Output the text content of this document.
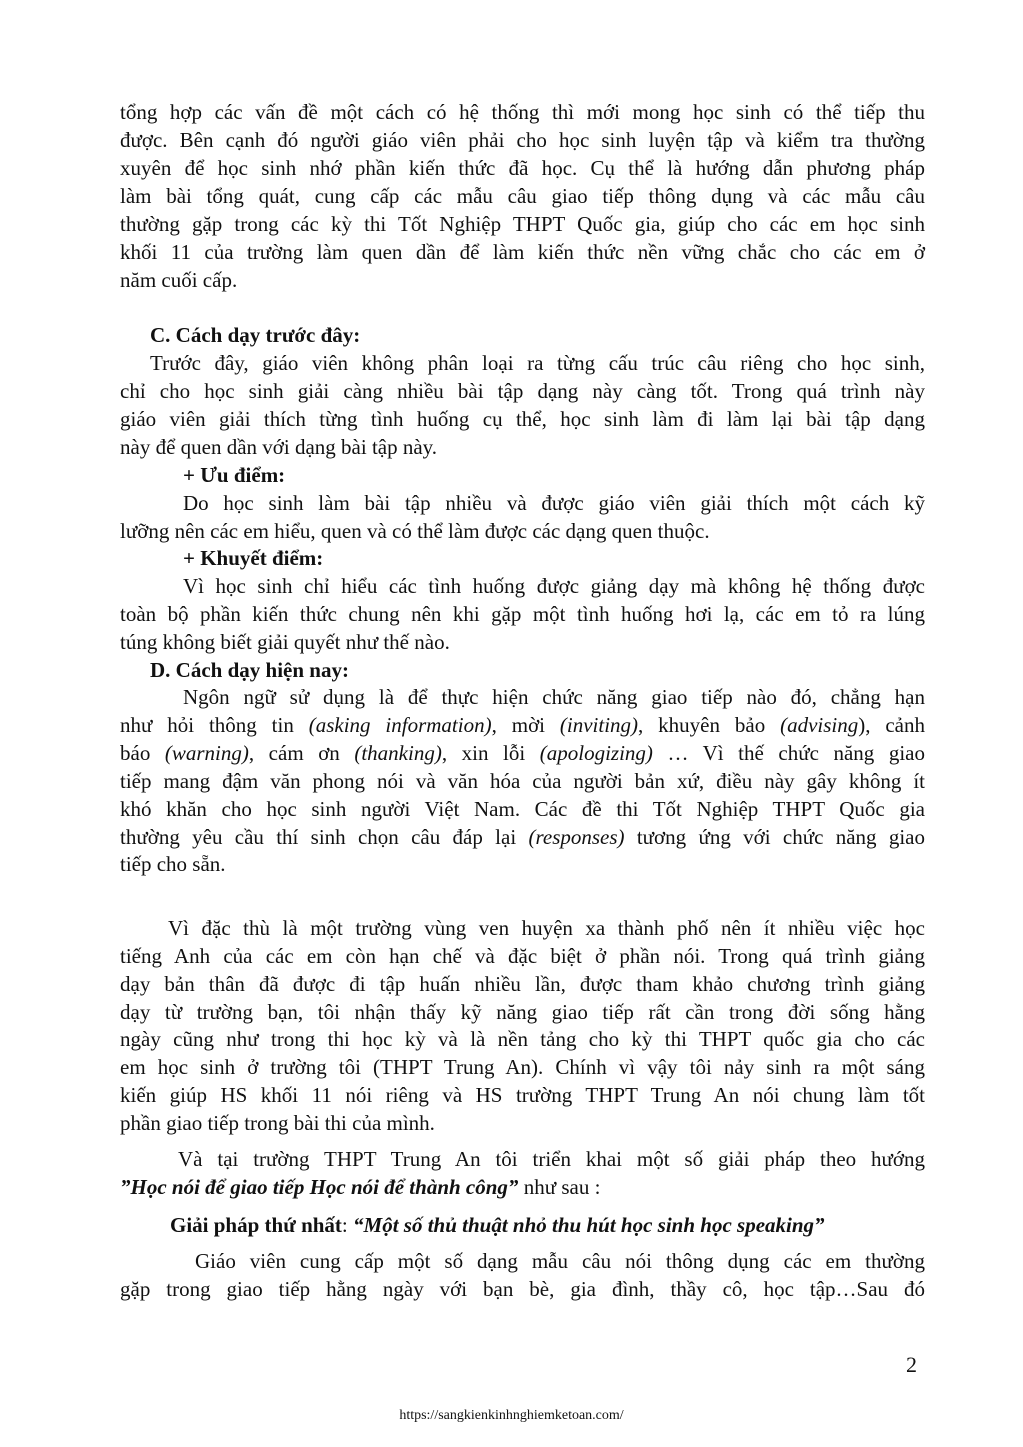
tổng hợp các vấn đề một cách có hệ thống thì mới mong học sinh có thể tiếp thu
được. Bên cạnh đó người giáo viên phải cho học sinh luyện tập và kiểm tra thường
xuyên để học sinh nhớ phần kiến thức đã học. Cụ thể là hướng dẫn phương pháp
làm bài tổng quát, cung cấp các mẫu câu giao tiếp thông dụng và các mẫu câu
thường gặp trong các kỳ thi Tốt Nghiệp THPT Quốc gia, giúp cho các em học sinh
khối 11 của trường làm quen dần để làm kiến thức nền vững chắc cho các em ở
năm cuối cấp.
C. Cách dạy trước đây:
Trước đây, giáo viên không phân loại ra từng cấu trúc câu riêng cho học sinh,
chỉ cho học sinh giải càng nhiều bài tập dạng này càng tốt. Trong quá trình này
giáo viên giải thích từng tình huống cụ thể, học sinh làm đi làm lại bài tập dạng
này để quen dần với dạng bài tập này.
+ Ưu điểm:
Do học sinh làm bài tập nhiều và được giáo viên giải thích một cách kỹ
lưỡng nên các em hiểu, quen và có thể làm được các dạng quen thuộc.
+ Khuyết điểm:
Vì học sinh chỉ hiểu các tình huống được giảng dạy mà không hệ thống được
toàn bộ phần kiến thức chung nên khi gặp một tình huống hơi lạ, các em tỏ ra lúng
túng không biết giải quyết như thế nào.
D. Cách dạy hiện nay:
Ngôn ngữ sử dụng là để thực hiện chức năng giao tiếp nào đó, chẳng hạn
như hỏi thông tin (asking information), mời (inviting), khuyên bảo (advising), cảnh
báo (warning), cám ơn (thanking), xin lỗi (apologizing) … Vì thế chức năng giao
tiếp mang đậm văn phong nói và văn hóa của người bản xứ, điều này gây không ít
khó khăn cho học sinh người Việt Nam. Các đề thi Tốt Nghiệp THPT Quốc gia
thường yêu cầu thí sinh chọn câu đáp lại (responses) tương ứng với chức năng giao
tiếp cho sẵn.
Vì đặc thù là một trường vùng ven huyện xa thành phố nên ít nhiều việc học
tiếng Anh của các em còn hạn chế và đặc biệt ở phần nói. Trong quá trình giảng
dạy bản thân đã được đi tập huấn nhiều lần, được tham khảo chương trình giảng
dạy từ trường bạn, tôi nhận thấy kỹ năng giao tiếp rất cần trong đời sống hằng
ngày cũng như trong thi học kỳ và là nền tảng cho kỳ thi THPT quốc gia cho các
em học sinh ở trường tôi (THPT Trung An). Chính vì vậy tôi nảy sinh ra một sáng
kiến giúp HS khối 11 nói riêng và HS trường THPT Trung An nói chung làm tốt
phần giao tiếp trong bài thi của mình.
Và tại trường THPT Trung An tôi triển khai một số giải pháp theo hướng
”Học nói để giao tiếp Học nói để thành công” như sau :
Giải pháp thứ nhất: “Một số thủ thuật nhỏ thu hút học sinh học speaking”
Giáo viên cung cấp một số dạng mẫu câu nói thông dụng các em thường
gặp trong giao tiếp hằng ngày với bạn bè, gia đình, thầy cô, học tập…Sau đó
2
https://sangkienkinhnghiemketoan.com/
